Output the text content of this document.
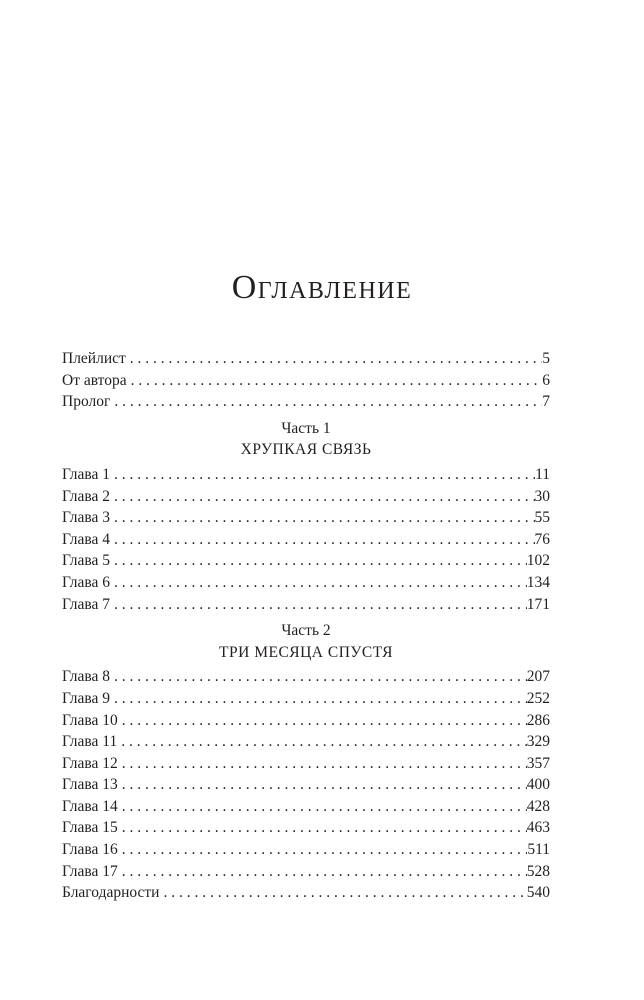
Оглавление
Плейлист . . .	5
От автора . . .	6
Пролог . . .	7
Часть 1
ХРУПКАЯ СВЯЗЬ
Глава 1 . . .	11
Глава 2 . . .	30
Глава 3 . . .	55
Глава 4 . . .	76
Глава 5 . . .	102
Глава 6 . . .	134
Глава 7 . . .	171
Часть 2
ТРИ МЕСЯЦА СПУСТЯ
Глава 8 . . .	207
Глава 9 . . .	252
Глава 10 . . .	286
Глава 11 . . .	329
Глава 12 . . .	357
Глава 13 . . .	400
Глава 14 . . .	428
Глава 15 . . .	463
Глава 16 . . .	511
Глава 17 . . .	528
Благодарности . . .	540
